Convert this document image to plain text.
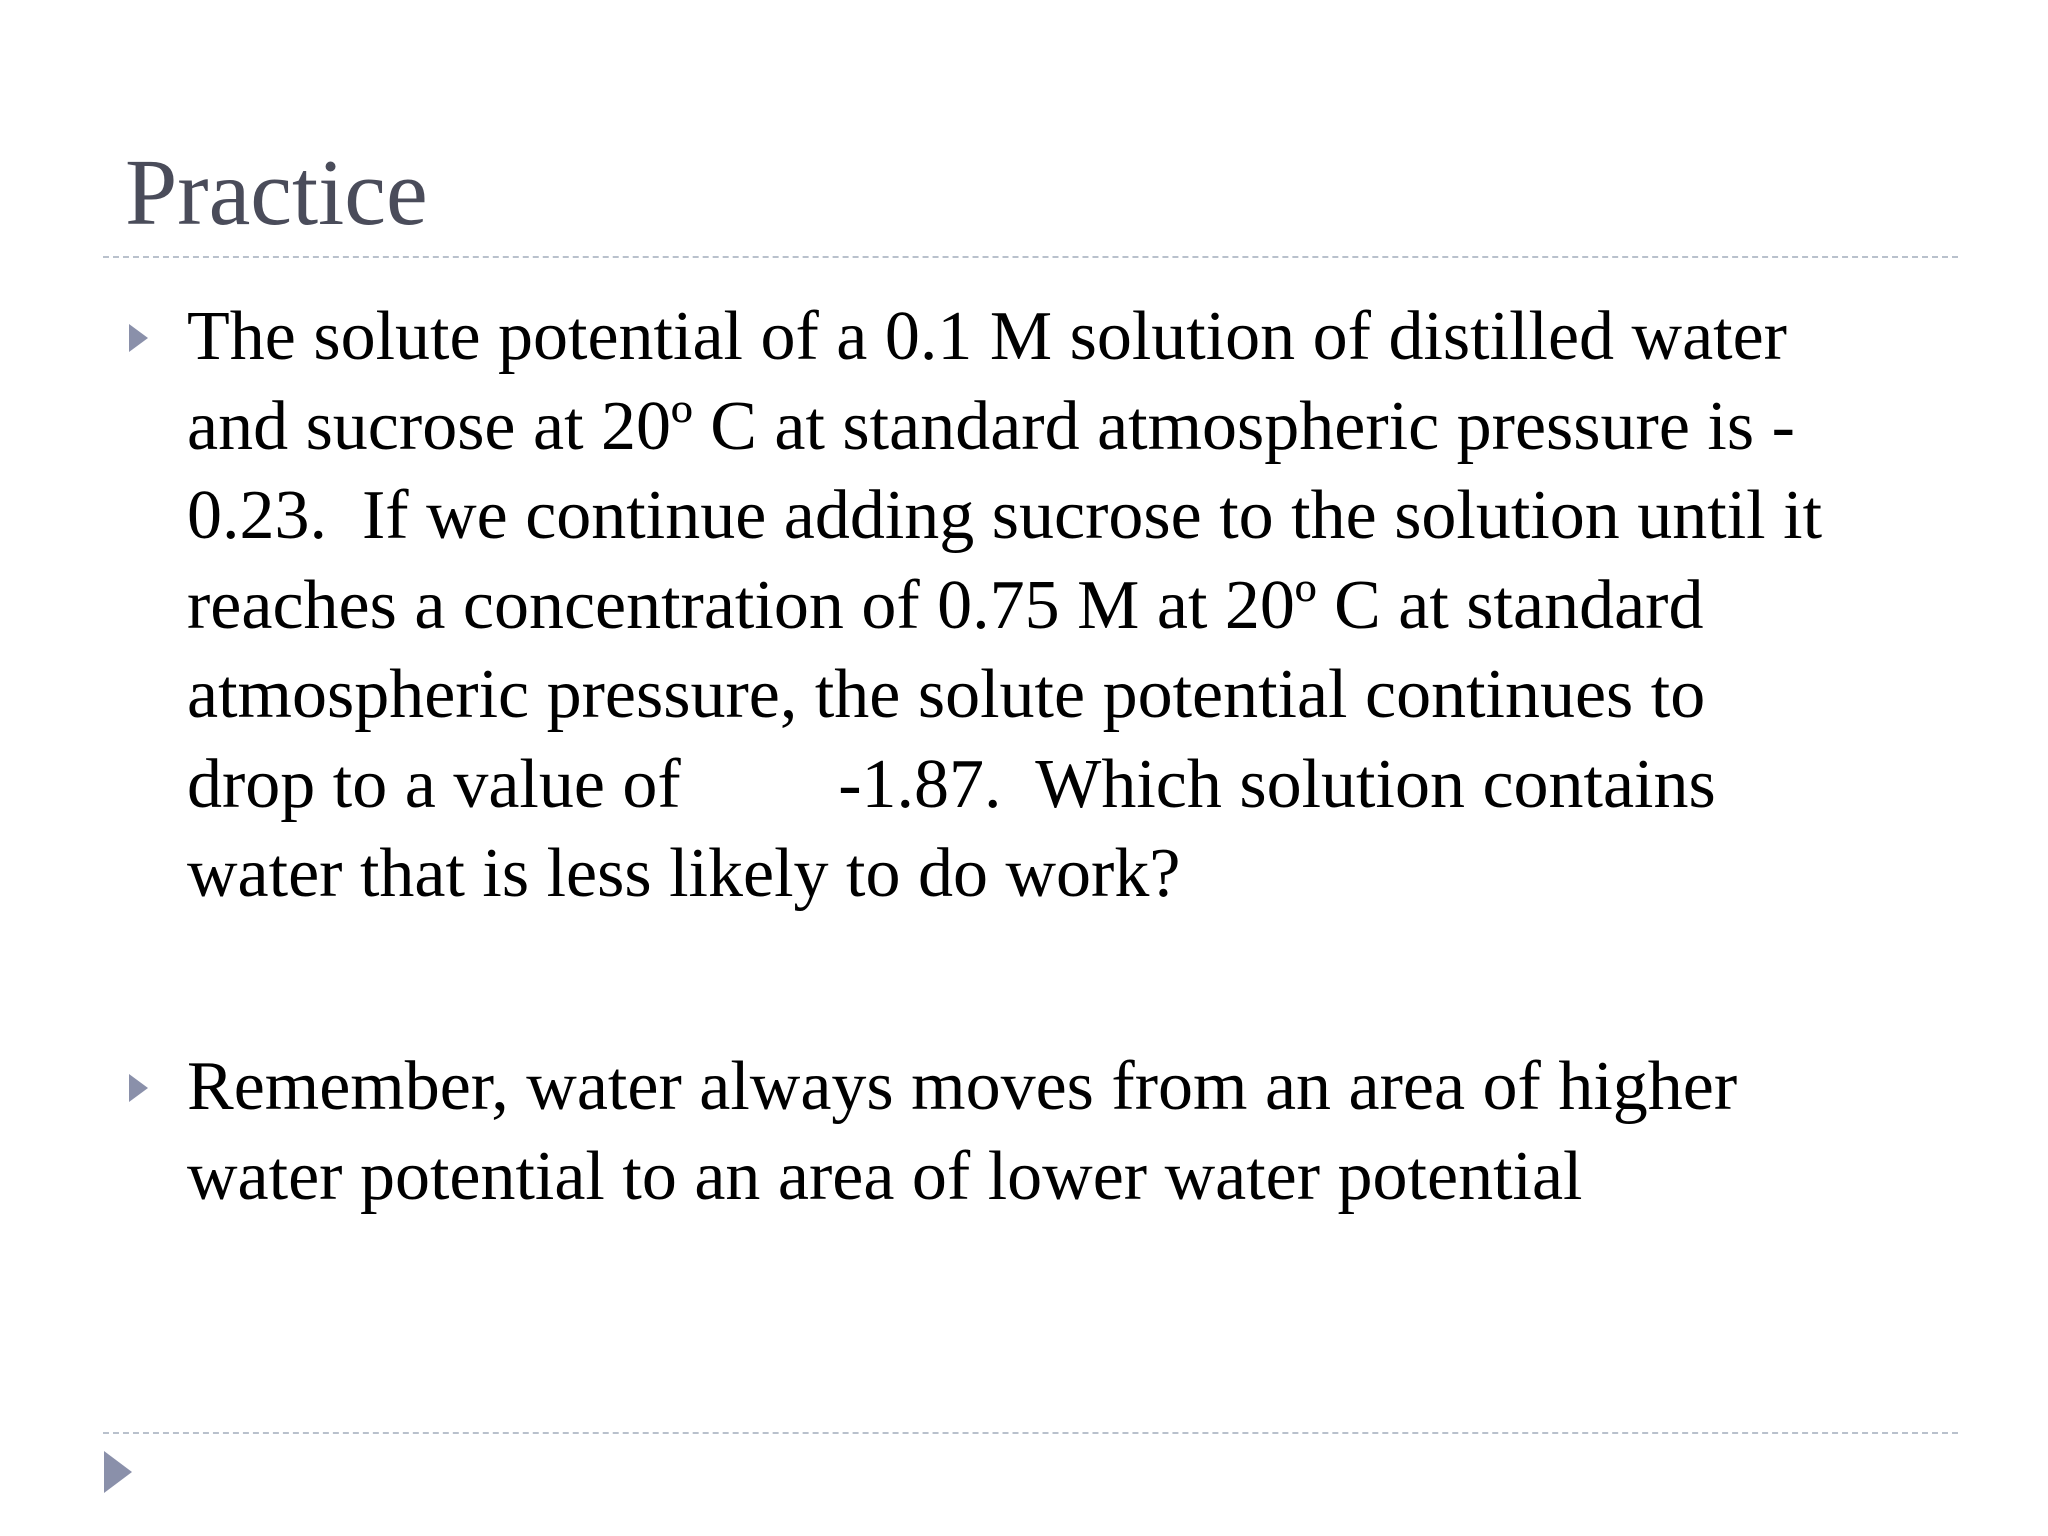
Practice
The solute potential of a 0.1 M solution of distilled water
and sucrose at 20º C at standard atmospheric pressure is -
0.23.  If we continue adding sucrose to the solution until it
reaches a concentration of 0.75 M at 20º C at standard
atmospheric pressure, the solute potential continues to
drop to a value of         -1.87.  Which solution contains
water that is less likely to do work?
Remember, water always moves from an area of higher
water potential to an area of lower water potential
